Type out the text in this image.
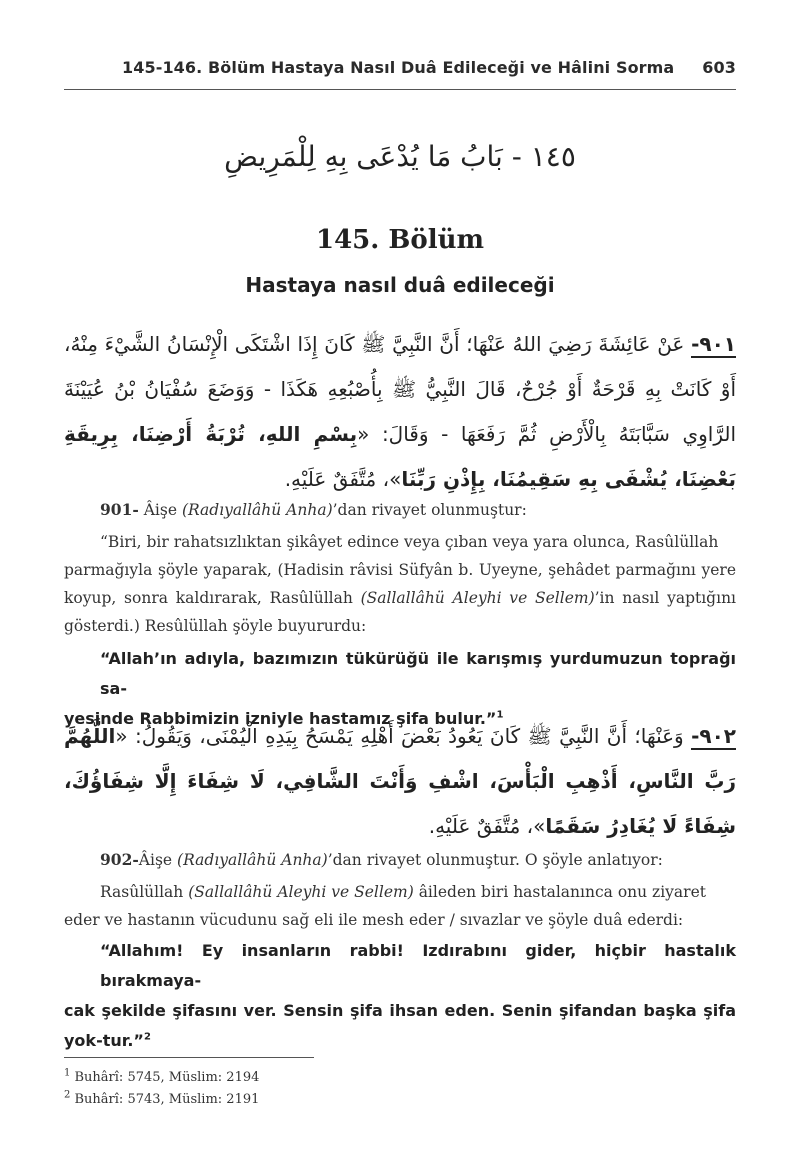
145-146. Bölüm Hastaya Nasıl Duâ Edileceği ve Hâlini Sorma 603
١٤٥ - بَابُ مَا يُدْعَى بِهِ لِلْمَرِيضِ
145. Bölüm
Hastaya nasıl duâ edileceği
٩٠١- عَنْ عَائِشَةَ رَضِيَ اللهُ عَنْهَا؛ أَنَّ النَّبِيَّ ﷺ كَانَ إِذَا اشْتَكَى الْإِنْسَانُ الشَّيْءَ مِنْهُ، أَوْ كَانَتْ بِهِ قَرْحَةٌ أَوْ جُرْحٌ، قَالَ النَّبِيُّ ﷺ بِأُصْبُعِهِ هَكَذَا - وَوَضَعَ سُفْيَانُ بْنُ عُيَيْنَةَ الرَّاوِي سَبَّابَتَهُ بِالْأَرْضِ ثُمَّ رَفَعَهَا - وَقَالَ: «بِسْمِ اللهِ، تُرْبَةُ أَرْضِنَا، بِرِيقَةِ بَعْضِنَا، يُشْفَى بِهِ سَقِيمُنَا، بِإِذْنِ رَبِّنَا»، مُتَّفَقٌ عَلَيْهِ.
901- Âişe (Radıyallâhü Anha)’dan rivayet olunmuştur:
“Biri, bir rahatsızlıktan şikâyet edince veya çıban veya yara olunca, Rasûlüllah
parmağıyla şöyle yaparak, (Hadisin râvisi Süfyân b. Uyeyne, şehâdet parmağını yere koyup, sonra kaldırarak, Rasûlüllah (Sallallâhü Aleyhi ve Sellem)’in nasıl yaptığını gösterdi.) Resûlüllah şöyle buyururdu:
“Allah’ın adıyla, bazımızın tükürüğü ile karışmış yurdumuzun toprağı sa-
yesinde Rabbimizin izniyle hastamız şifa bulur.”$^1$
٩٠٢- وَعَنْهَا؛ أَنَّ النَّبِيَّ ﷺ كَانَ يَعُودُ بَعْضَ أَهْلِهِ يَمْسَحُ بِيَدِهِ الْيُمْنَى، وَيَقُولُ: «اللَّهُمَّ رَبَّ النَّاسِ، أَذْهِبِ الْبَأْسَ، اشْفِ وَأَنْتَ الشَّافِي، لَا شِفَاءَ إِلَّا شِفَاؤُكَ، شِفَاءً لَا يُغَادِرُ سَقَمًا»، مُتَّفَقٌ عَلَيْهِ.
902-Âişe (Radıyallâhü Anha)’dan rivayet olunmuştur. O şöyle anlatıyor:
Rasûlüllah (Sallallâhü Aleyhi ve Sellem) âileden biri hastalanınca onu ziyaret
eder ve hastanın vücudunu sağ eli ile mesh eder / sıvazlar ve şöyle duâ ederdi:
“Allahım! Ey insanların rabbi! Izdırabını gider, hiçbir hastalık bırakmaya-
cak şekilde şifasını ver. Sensin şifa ihsan eden. Senin şifandan başka şifa yok-tur.”$^2$
$^1$ Buhârî: 5745, Müslim: 2194
$^2$ Buhârî: 5743, Müslim: 2191
